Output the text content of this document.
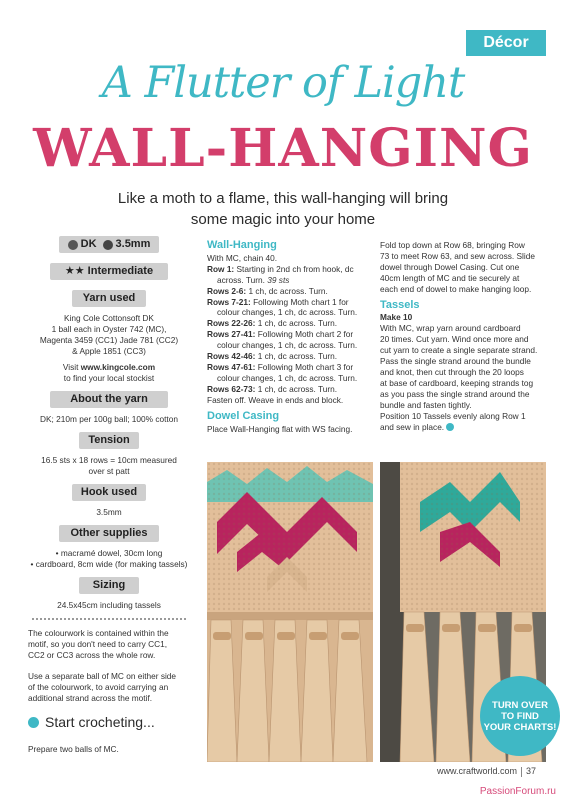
Décor
A Flutter of Light
WALL-HANGING
Like a moth to a flame, this wall-hanging will bring
some magic into your home
DK 3.5mm
★★ Intermediate
Yarn used
King Cole Cottonsoft DK
1 ball each in Oyster 742 (MC),
Magenta 3459 (CC1) Jade 781 (CC2)
& Apple 1851 (CC3)
Visit www.kingcole.com
to find your local stockist
About the yarn
DK; 210m per 100g ball; 100% cotton
Tension
16.5 sts x 18 rows = 10cm measured
over st patt
Hook used
3.5mm
Other supplies
• macramé dowel, 30cm long
• cardboard, 8cm wide (for making tassels)
Sizing
24.5x45cm including tassels
The colourwork is contained within the
motif, so you don't need to carry CC1,
CC2 or CC3 across the whole row.
Use a separate ball of MC on either side
of the colourwork, to avoid carrying an
additional strand across the motif.
Start crocheting...
Prepare two balls of MC.
Wall-Hanging

With MC, chain 40.

Row 1: Starting in 2nd ch from hook, dc

across. Turn. 39 sts

Rows 2-6: 1 ch, dc across. Turn.

Rows 7-21: Following Moth chart 1 for

colour changes, 1 ch, dc across. Turn.

Rows 22-26: 1 ch, dc across. Turn.

Rows 27-41: Following Moth chart 2 for

colour changes, 1 ch, dc across. Turn.

Rows 42-46: 1 ch, dc across. Turn.

Rows 47-61: Following Moth chart 3 for

colour changes, 1 ch, dc across. Turn.

Rows 62-73: 1 ch, dc across. Turn.

Fasten off. Weave in ends and block.

Dowel Casing

Place Wall-Hanging flat with WS facing.

Fold top down at Row 68, bringing Row

73 to meet Row 63, and sew across. Slide

dowel through Dowel Casing. Cut one

40cm length of MC and tie securely at

each end of dowel to make hanging loop.

Tassels

Make 10

With MC, wrap yarn around cardboard

20 times. Cut yarn. Wind once more and

cut yarn to create a single separate strand.

Pass the single strand around the bundle

and knot, then cut through the 20 loops

at base of cardboard, keeping strands tog

as you pass the single strand around the

bundle and fasten tightly.

Position 10 Tassels evenly along Row 1

and sew in place.

TURN OVER
TO FIND
YOUR CHARTS!
www.craftworld.com 37
PassionForum.ru
